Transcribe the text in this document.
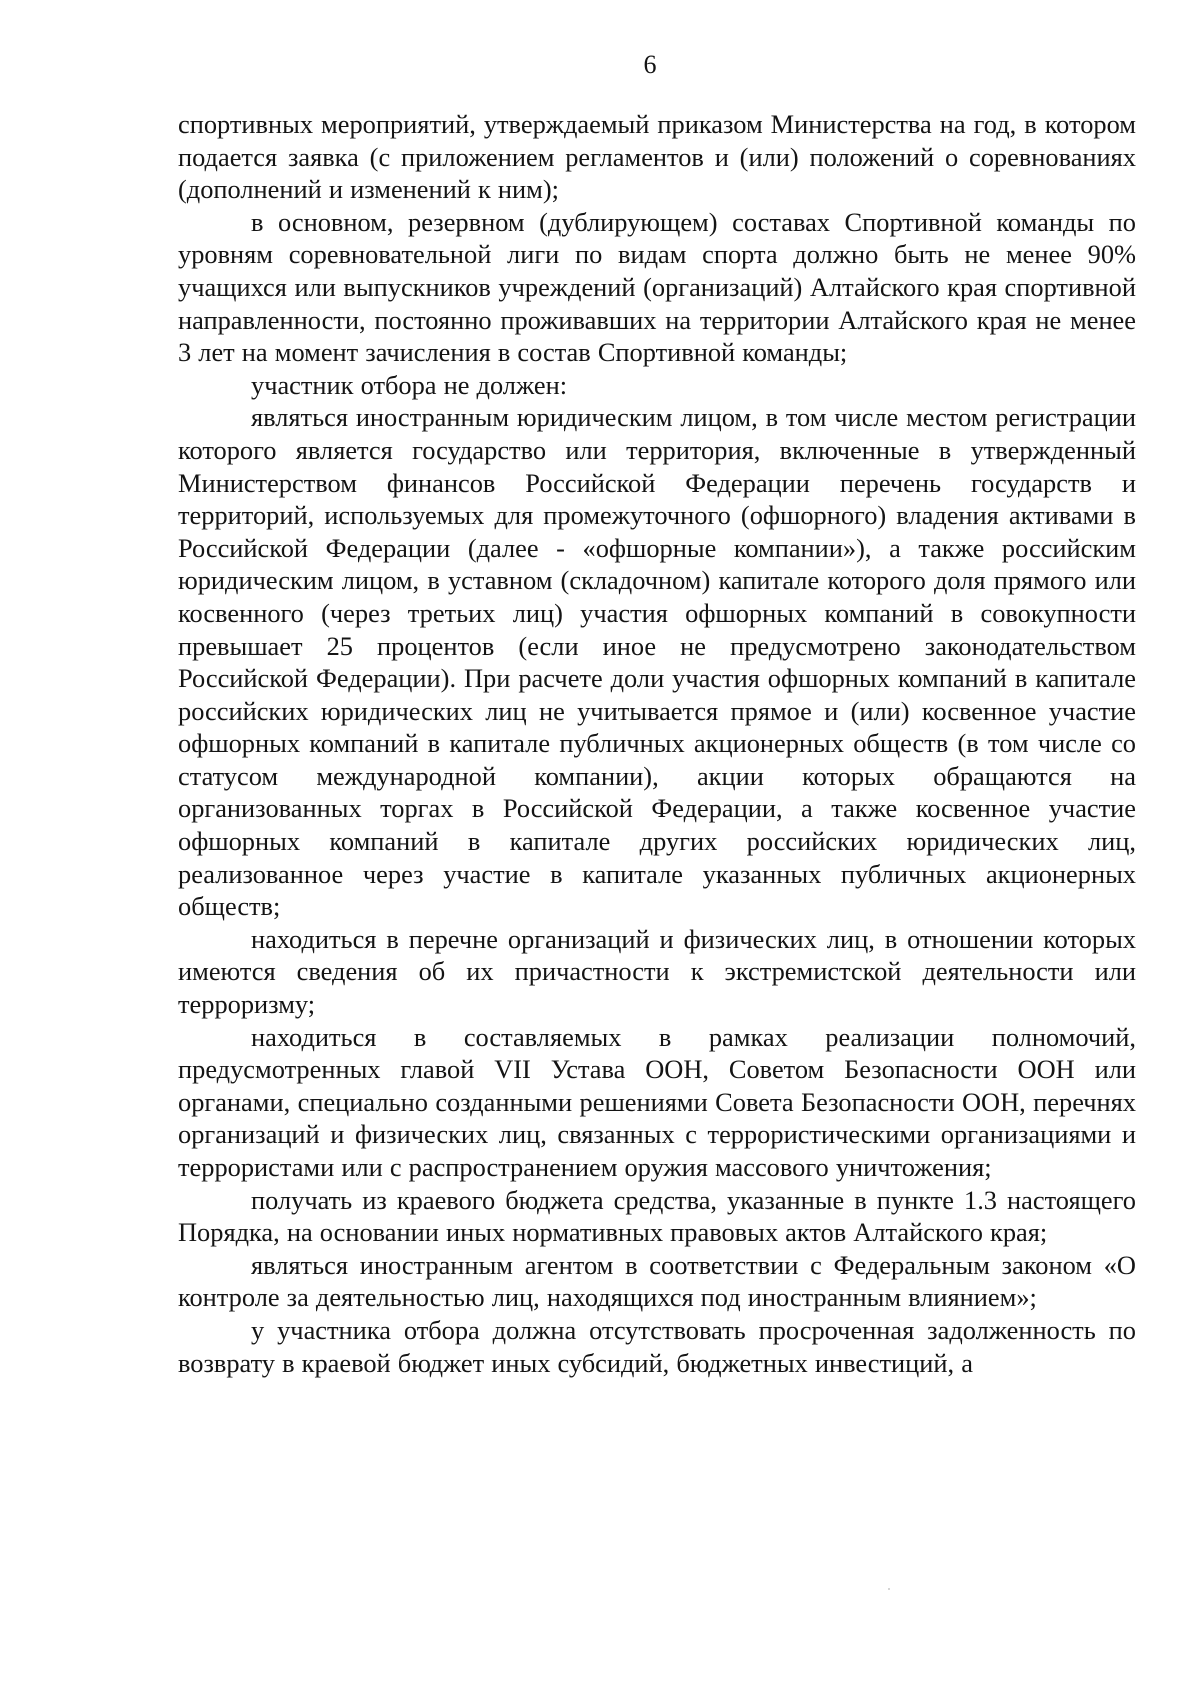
6

спортивных мероприятий, утверждаемый приказом Министерства на год, в котором подается заявка (с приложением регламентов и (или) положений о соревнованиях (дополнений и изменений к ним);

в основном, резервном (дублирующем) составах Спортивной команды по уровням соревновательной лиги по видам спорта должно быть не менее 90% учащихся или выпускников учреждений (организаций) Алтайского края спортивной направленности, постоянно проживавших на территории Алтайского края не менее 3 лет на момент зачисления в состав Спортивной команды;

участник отбора не должен:

являться иностранным юридическим лицом, в том числе местом регистрации которого является государство или территория, включенные в утвержденный Министерством финансов Российской Федерации перечень государств и территорий, используемых для промежуточного (офшорного) владения активами в Российской Федерации (далее - «офшорные компании»), а также российским юридическим лицом, в уставном (складочном) капитале которого доля прямого или косвенного (через третьих лиц) участия офшорных компаний в совокупности превышает 25 процентов (если иное не предусмотрено законодательством Российской Федерации). При расчете доли участия офшорных компаний в капитале российских юридических лиц не учитывается прямое и (или) косвенное участие офшорных компаний в капитале публичных акционерных обществ (в том числе со статусом международной компании), акции которых обращаются на организованных торгах в Российской Федерации, а также косвенное участие офшорных компаний в капитале других российских юридических лиц, реализованное через участие в капитале указанных публичных акционерных обществ;

находиться в перечне организаций и физических лиц, в отношении которых имеются сведения об их причастности к экстремистской деятельности или терроризму;

находиться в составляемых в рамках реализации полномочий, предусмотренных главой VII Устава ООН, Советом Безопасности ООН или органами, специально созданными решениями Совета Безопасности ООН, перечнях организаций и физических лиц, связанных с террористическими организациями и террористами или с распространением оружия массового уничтожения;

получать из краевого бюджета средства, указанные в пункте 1.3 настоящего Порядка, на основании иных нормативных правовых актов Алтайского края;

являться иностранным агентом в соответствии с Федеральным законом «О контроле за деятельностью лиц, находящихся под иностранным влиянием»;

у участника отбора должна отсутствовать просроченная задолженность по возврату в краевой бюджет иных субсидий, бюджетных инвестиций, а
